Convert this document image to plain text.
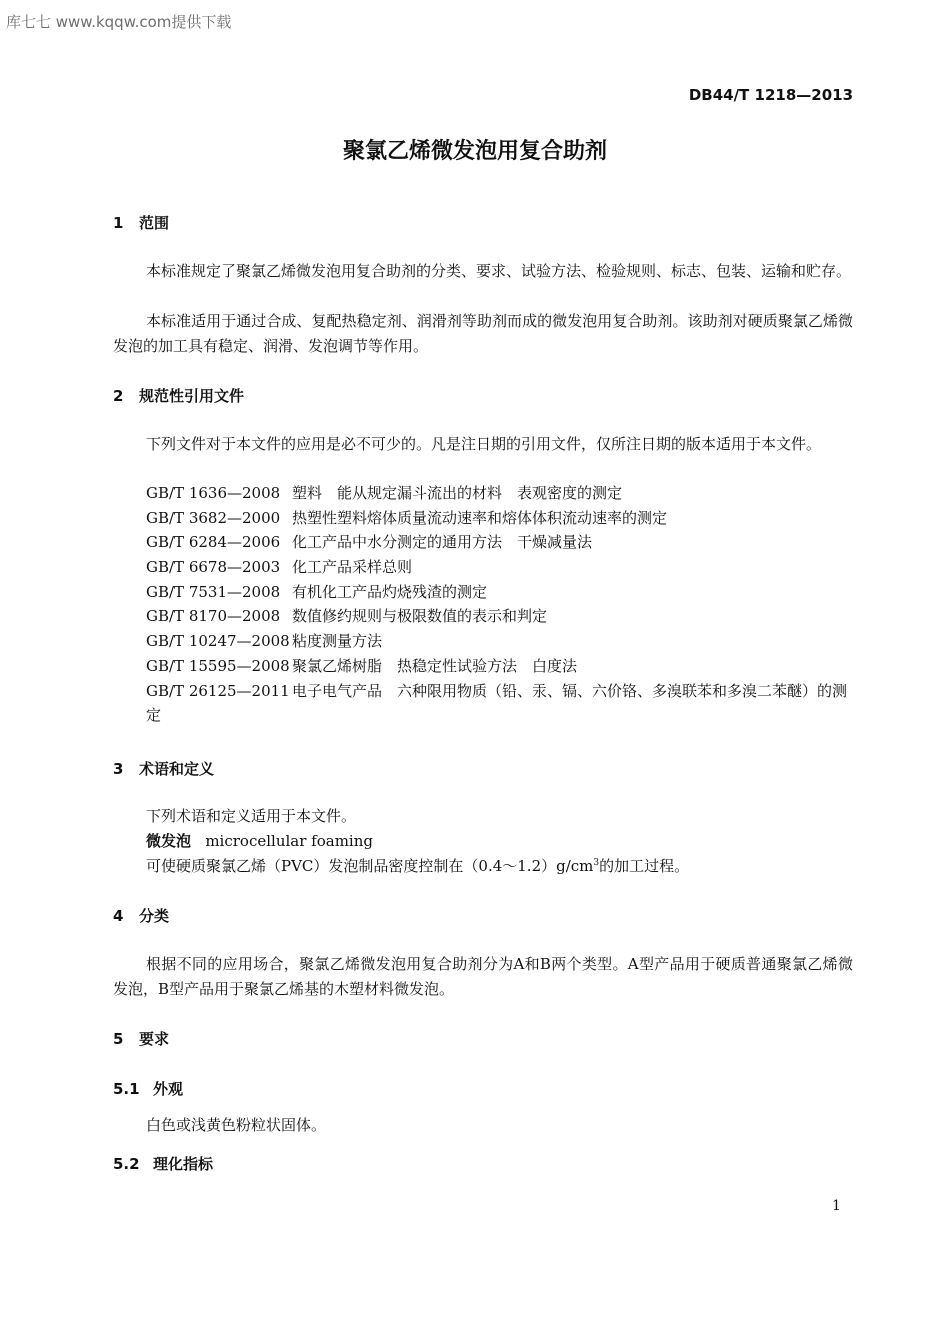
库七七 www.kqqw.com提供下载
DB44/T 1218—2013
聚氯乙烯微发泡用复合助剂
1 范围
本标准规定了聚氯乙烯微发泡用复合助剂的分类、要求、试验方法、检验规则、标志、包装、运输和贮存。
本标准适用于通过合成、复配热稳定剂、润滑剂等助剂而成的微发泡用复合助剂。该助剂对硬质聚氯乙烯微发泡的加工具有稳定、润滑、发泡调节等作用。
2 规范性引用文件
下列文件对于本文件的应用是必不可少的。凡是注日期的引用文件，仅所注日期的版本适用于本文件。
GB/T 1636—2008 塑料　能从规定漏斗流出的材料　表观密度的测定
GB/T 3682—2000 热塑性塑料熔体质量流动速率和熔体体积流动速率的测定
GB/T 6284—2006 化工产品中水分测定的通用方法　干燥减量法
GB/T 6678—2003 化工产品采样总则
GB/T 7531—2008 有机化工产品灼烧残渣的测定
GB/T 8170—2008 数值修约规则与极限数值的表示和判定
GB/T 10247—2008 粘度测量方法
GB/T 15595—2008 聚氯乙烯树脂　热稳定性试验方法　白度法
GB/T 26125—2011 电子电气产品　六种限用物质（铅、汞、镉、六价铬、多溴联苯和多溴二苯醚）的测定
3 术语和定义
下列术语和定义适用于本文件。
微发泡 microcellular foaming
可使硬质聚氯乙烯（PVC）发泡制品密度控制在$(0.4\sim 1.2)g/cm^3$的加工过程。
4 分类
根据不同的应用场合，聚氯乙烯微发泡用复合助剂分为A和B两个类型。A型产品用于硬质普通聚氯乙烯微发泡，B型产品用于聚氯乙烯基的木塑材料微发泡。
5 要求
5.1 外观
白色或浅黄色粉粒状固体。
5.2 理化指标
1
